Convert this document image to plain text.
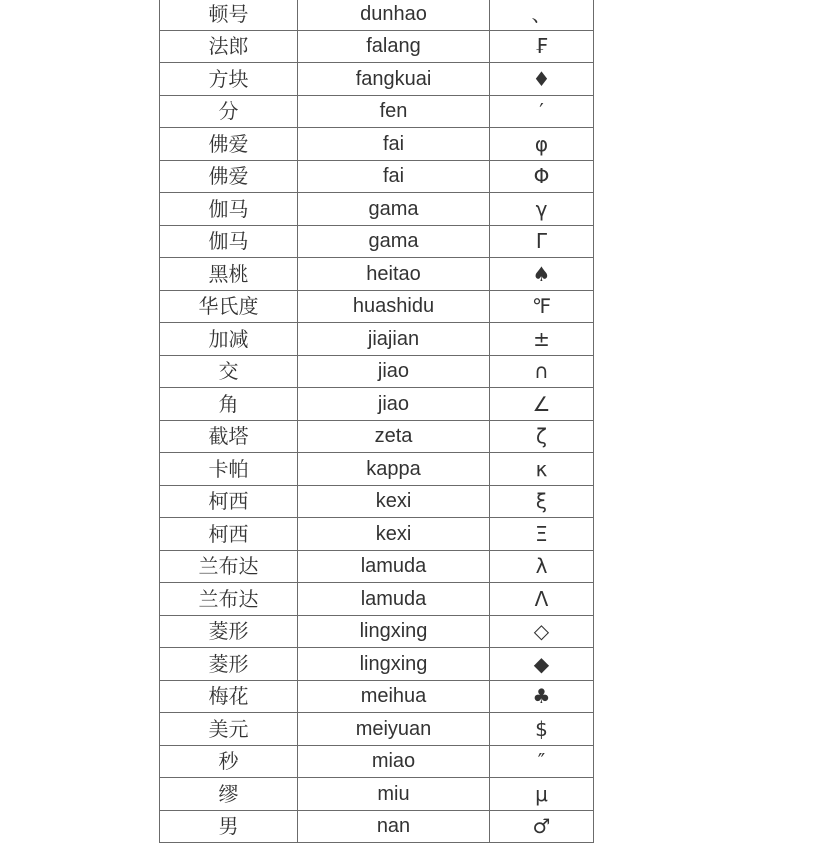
顿号	dunhao	、
法郎	falang	₣
方块	fangkuai	♦
分	fen	′
佛爱	fai	φ
佛爱	fai	Φ
伽马	gama	γ
伽马	gama	Γ
黑桃	heitao	♠
华氏度	huashidu	℉
加减	jiajian	±
交	jiao	∩
角	jiao	∠
截塔	zeta	ζ
卡帕	kappa	κ
柯西	kexi	ξ
柯西	kexi	Ξ
兰布达	lamuda	λ
兰布达	lamuda	Λ
菱形	lingxing	◇
菱形	lingxing	◆
梅花	meihua	♣
美元	meiyuan	$
秒	miao	″
缪	miu	μ
男	nan	♂
